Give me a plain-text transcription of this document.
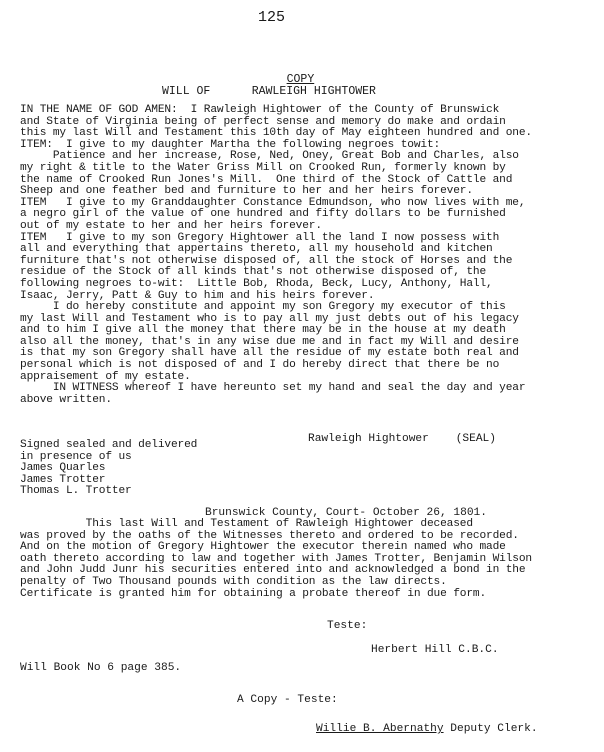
125

COPY

WILL OF      RAWLEIGH HIGHTOWER
IN THE NAME OF GOD AMEN:  I Rawleigh Hightower of the County of Brunswick
and State of Virginia being of perfect sense and memory do make and ordain
this my last Will and Testament this 10th day of May eighteen hundred and one.
ITEM:  I give to my daughter Martha the following negroes towit:
Patience and her increase, Rose, Ned, Oney, Great Bob and Charles, also
my right & title to the Water Griss Mill on Crooked Run, formerly known by
the name of Crooked Run Jones's Mill.  One third of the Stock of Cattle and
Sheep and one feather bed and furniture to her and her heirs forever.
ITEM   I give to my Granddaughter Constance Edmundson, who now lives with me,
a negro girl of the value of one hundred and fifty dollars to be furnished
out of my estate to her and her heirs forever.
ITEM   I give to my son Gregory Hightower all the land I now possess with
all and everything that appertains thereto, all my household and kitchen
furniture that's not otherwise disposed of, all the stock of Horses and the
residue of the Stock of all kinds that's not otherwise disposed of, the
following negroes to-wit:  Little Bob, Rhoda, Beck, Lucy, Anthony, Hall,
Isaac, Jerry, Patt & Guy to him and his heirs forever.
I do hereby constitute and appoint my son Gregory my executor of this
my last Will and Testament who is to pay all my just debts out of his legacy
and to him I give all the money that there may be in the house at my death
also all the money, that's in any wise due me and in fact my Will and desire
is that my son Gregory shall have all the residue of my estate both real and
personal which is not disposed of and I do hereby direct that there be no
appraisement of my estate.
IN WITNESS whereof I have hereunto set my hand and seal the day and year
above written.
Rawleigh Hightower    (SEAL)
Signed sealed and delivered
in presence of us
James Quarles
James Trotter
Thomas L. Trotter
Brunswick County, Court- October 26, 1801.
This last Will and Testament of Rawleigh Hightower deceased
was proved by the oaths of the Witnesses thereto and ordered to be recorded.
And on the motion of Gregory Hightower the executor therein named who made
oath thereto according to law and together with James Trotter, Benjamin Wilson
and John Judd Junr his securities entered into and acknowledged a bond in the
penalty of Two Thousand pounds with condition as the law directs.
Certificate is granted him for obtaining a probate thereof in due form.
Teste:
Herbert Hill C.B.C.
Will Book No 6 page 385.
A Copy - Teste:
Willie B. Abernathy Deputy Clerk.
